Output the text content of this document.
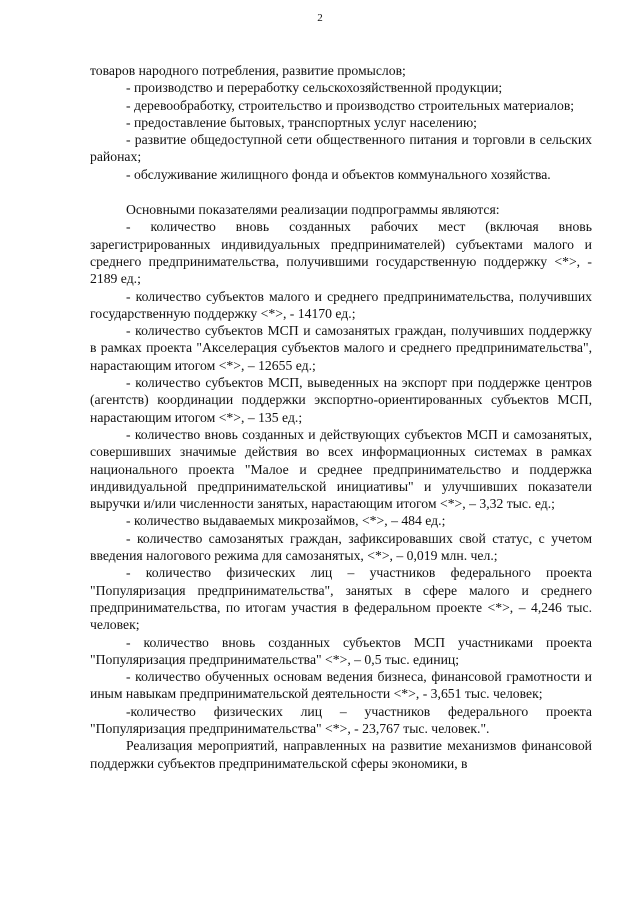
2

товаров народного потребления, развитие промыслов;

- производство и переработку сельскохозяйственной продукции;

- деревообработку, строительство и производство строительных материалов;

- предоставление бытовых, транспортных услуг населению;

- развитие общедоступной сети общественного питания и торговли в сельских районах;

- обслуживание жилищного фонда и объектов коммунального хозяйства.

Основными показателями реализации подпрограммы являются:

- количество вновь созданных рабочих мест (включая вновь зарегистрированных индивидуальных предпринимателей) субъектами малого и среднего предпринимательства, получившими государственную поддержку <*>, - 2189 ед.;

- количество субъектов малого и среднего предпринимательства, получивших государственную поддержку <*>, - 14170 ед.;

- количество субъектов МСП и самозанятых граждан, получивших поддержку в рамках проекта "Акселерация субъектов малого и среднего предпринимательства", нарастающим итогом <*>, – 12655 ед.;

- количество субъектов МСП, выведенных на экспорт при поддержке центров (агентств) координации поддержки экспортно-ориентированных субъектов МСП, нарастающим итогом <*>, – 135 ед.;

- количество вновь созданных и действующих субъектов МСП и самозанятых, совершивших значимые действия во всех информационных системах в рамках национального проекта "Малое и среднее предпринимательство и поддержка индивидуальной предпринимательской инициативы" и улучшивших показатели выручки и/или численности занятых, нарастающим итогом <*>, – 3,32 тыс. ед.;

- количество выдаваемых микрозаймов, <*>, – 484 ед.;

- количество самозанятых граждан, зафиксировавших свой статус, с учетом введения налогового режима для самозанятых, <*>, – 0,019 млн. чел.;

- количество физических лиц – участников федерального проекта "Популяризация предпринимательства", занятых в сфере малого и среднего предпринимательства, по итогам участия в федеральном проекте <*>, – 4,246 тыс. человек;

- количество вновь созданных субъектов МСП участниками проекта "Популяризация предпринимательства" <*>, – 0,5 тыс. единиц;

- количество обученных основам ведения бизнеса, финансовой грамотности и иным навыкам предпринимательской деятельности <*>, - 3,651 тыс. человек;

-количество физических лиц – участников федерального проекта "Популяризация предпринимательства" <*>, - 23,767 тыс. человек.".

Реализация мероприятий, направленных на развитие механизмов финансовой поддержки субъектов предпринимательской сферы экономики, в
